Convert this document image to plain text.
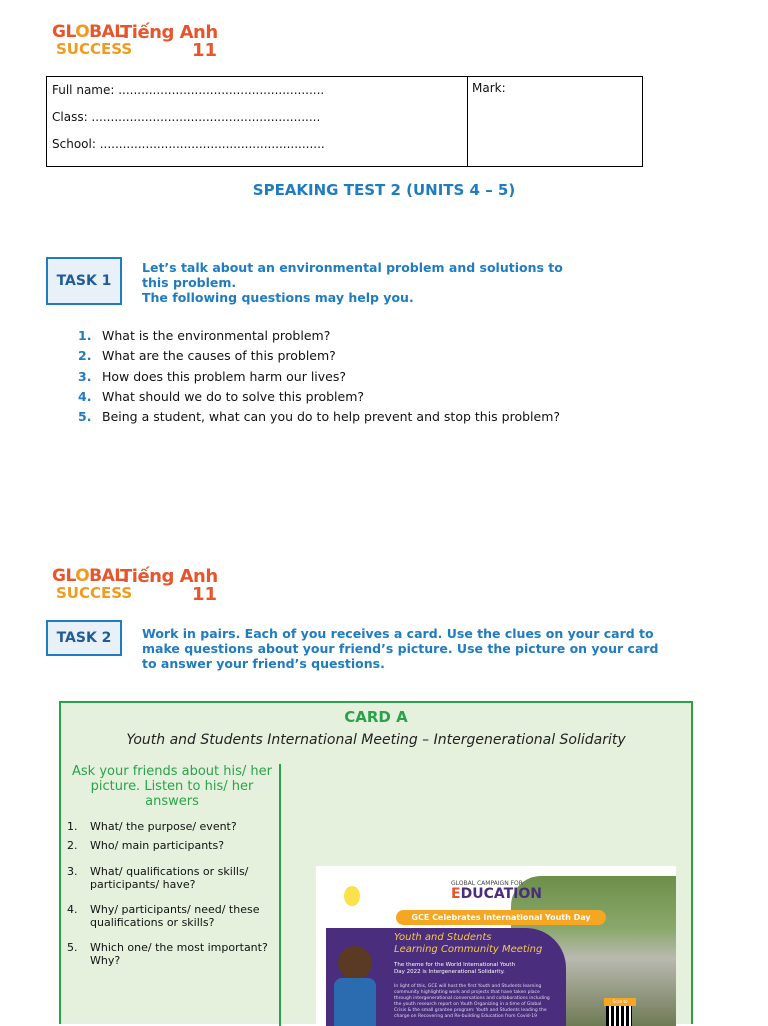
GLOBAL
SUCCESS
Tiếng Anh
11
Full name: ......................................................
Class: ............................................................
School: ...........................................................

Mark:
SPEAKING TEST 2 (UNITS 4 – 5)
TASK 1
Let’s talk about an environmental problem and solutions to
this problem.
The following questions may help you.
1. What is the environmental problem?
2. What are the causes of this problem?
3. How does this problem harm our lives?
4. What should we do to solve this problem?
5. Being a student, what can you do to help prevent and stop this problem?
GLOBAL
SUCCESS
Tiếng Anh
11
TASK 2	Work in pairs. Each of you receives a card. Use the clues on your card to
make questions about your friend’s picture. Use the picture on your card
to answer your friend’s questions.
CARD A
Youth and Students International Meeting – Intergenerational Solidarity
Ask your friends about his/ her
picture. Listen to his/ her
answers
1. What/ the purpose/ event?
2. Who/ main participants?
3. What/ qualifications or skills/
participants/ have?
4. Why/ participants/ need/ these
qualifications or skills?
5. Which one/ the most important?
Why?
GLOBAL CAMPAIGN FOR
EDUCATION
GCE Celebrates International Youth Day
Youth and Students
Learning Community Meeting
The theme for the World International Youth Day 2022 is Intergenerational Solidarity.
In light of this, GCE will host the first Youth and Students learning community highlighting work and projects that have taken place through intergenerational conversations and collaborations including the youth research report on Youth Organizing in a time of Global Crisis & the small grantee program: Youth and Students leading the charge on Recovering and Re-building Education from Covid-19
Scan to
